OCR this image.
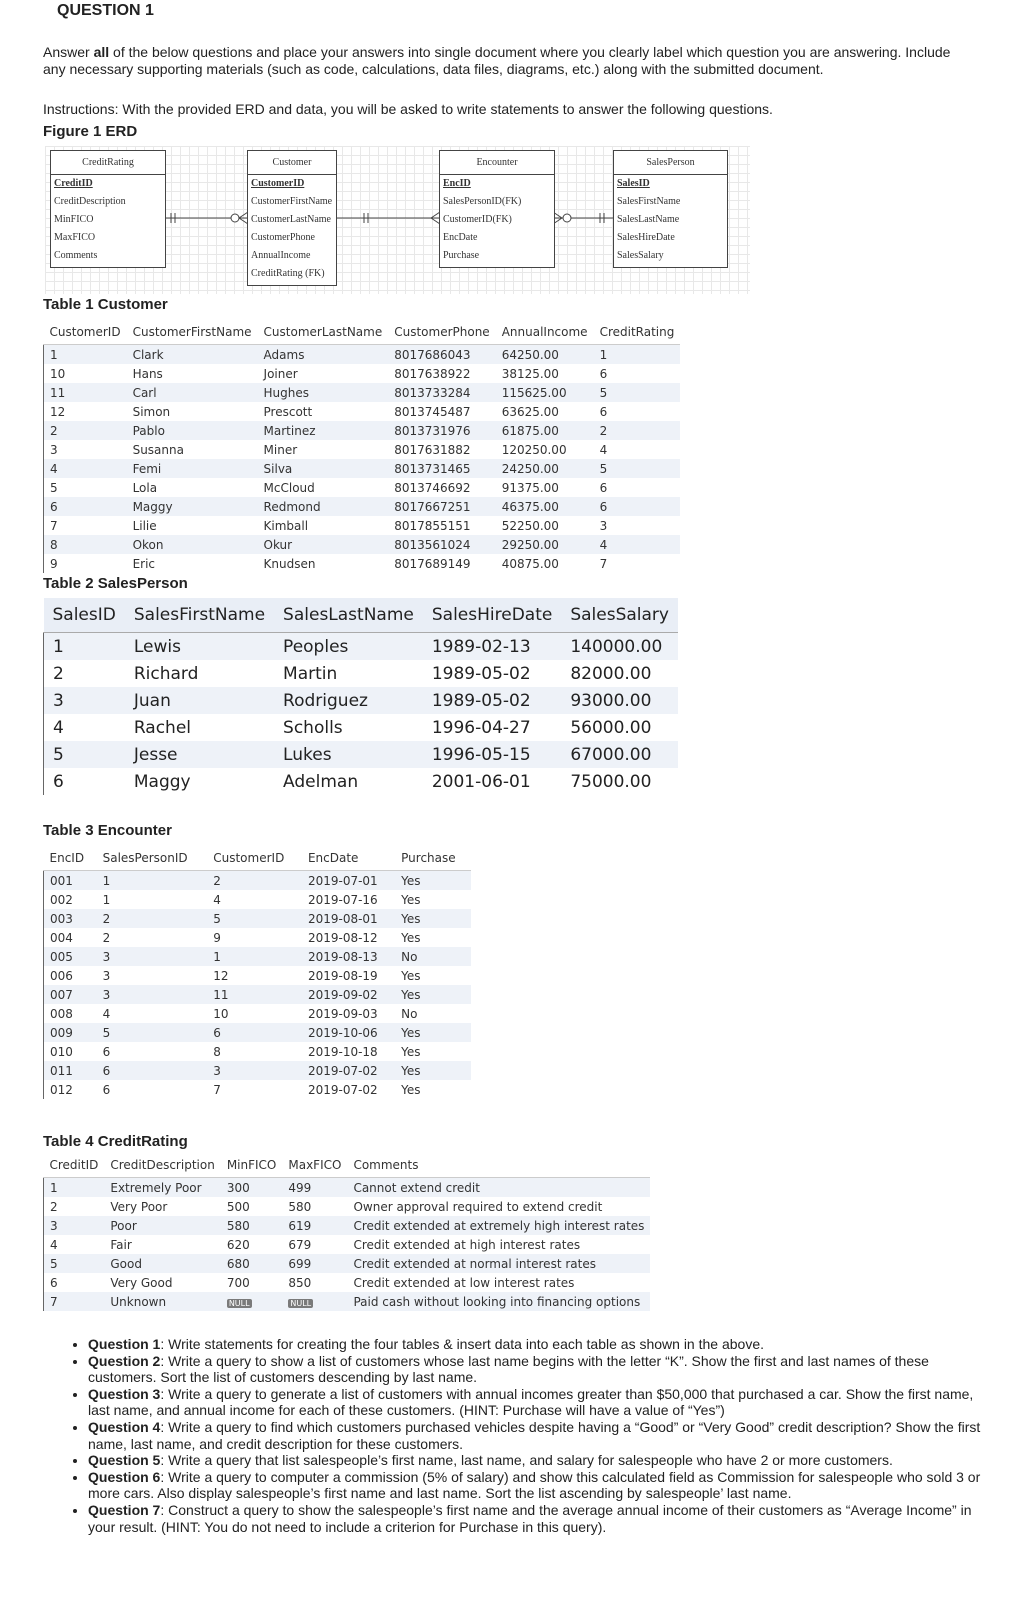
QUESTION 1
Answer all of the below questions and place your answers into single document where you clearly label which question you are answering. Include any necessary supporting materials (such as code, calculations, data files, diagrams, etc.) along with the submitted document.
Instructions: With the provided ERD and data, you will be asked to write statements to answer the following questions.
Figure 1 ERD
CreditRating
CreditID
CreditDescription
MinFICO
MaxFICO
Comments
Customer
CustomerID
CustomerFirstName
CustomerLastName
CustomerPhone
AnnualIncome
CreditRating (FK)
Encounter
EncID
SalesPersonID(FK)
CustomerID(FK)
EncDate
Purchase
SalesPerson
SalesID
SalesFirstName
SalesLastName
SalesHireDate
SalesSalary
Table 1 Customer
CustomerID	CustomerFirstName	CustomerLastName	CustomerPhone	AnnualIncome	CreditRating
1	Clark	Adams	8017686043	64250.00	1
10	Hans	Joiner	8017638922	38125.00	6
11	Carl	Hughes	8013733284	115625.00	5
12	Simon	Prescott	8013745487	63625.00	6
2	Pablo	Martinez	8013731976	61875.00	2
3	Susanna	Miner	8017631882	120250.00	4
4	Femi	Silva	8013731465	24250.00	5
5	Lola	McCloud	8013746692	91375.00	6
6	Maggy	Redmond	8017667251	46375.00	6
7	Lilie	Kimball	8017855151	52250.00	3
8	Okon	Okur	8013561024	29250.00	4
9	Eric	Knudsen	8017689149	40875.00	7
Table 2 SalesPerson
SalesID	SalesFirstName	SalesLastName	SalesHireDate	SalesSalary
1	Lewis	Peoples	1989-02-13	140000.00
2	Richard	Martin	1989-05-02	82000.00
3	Juan	Rodriguez	1989-05-02	93000.00
4	Rachel	Scholls	1996-04-27	56000.00
5	Jesse	Lukes	1996-05-15	67000.00
6	Maggy	Adelman	2001-06-01	75000.00
Table 3 Encounter
EncID	SalesPersonID	CustomerID	EncDate	Purchase
001	1	2	2019-07-01	Yes
002	1	4	2019-07-16	Yes
003	2	5	2019-08-01	Yes
004	2	9	2019-08-12	Yes
005	3	1	2019-08-13	No
006	3	12	2019-08-19	Yes
007	3	11	2019-09-02	Yes
008	4	10	2019-09-03	No
009	5	6	2019-10-06	Yes
010	6	8	2019-10-18	Yes
011	6	3	2019-07-02	Yes
012	6	7	2019-07-02	Yes
Table 4 CreditRating
CreditID	CreditDescription	MinFICO	MaxFICO	Comments
1	Extremely Poor	300	499	Cannot extend credit
2	Very Poor	500	580	Owner approval required to extend credit
3	Poor	580	619	Credit extended at extremely high interest rates
4	Fair	620	679	Credit extended at high interest rates
5	Good	680	699	Credit extended at normal interest rates
6	Very Good	700	850	Credit extended at low interest rates
7	Unknown	NULL	NULL	Paid cash without looking into financing options
• Question 1: Write statements for creating the four tables & insert data into each table as shown in the above.
• Question 2: Write a query to show a list of customers whose last name begins with the letter “K”. Show the first and last names of these customers. Sort the list of customers descending by last name.
• Question 3: Write a query to generate a list of customers with annual incomes greater than $50,000 that purchased a car. Show the first name, last name, and annual income for each of these customers. (HINT: Purchase will have a value of “Yes”)
• Question 4: Write a query to find which customers purchased vehicles despite having a “Good” or “Very Good” credit description? Show the first name, last name, and credit description for these customers.
• Question 5: Write a query that list salespeople’s first name, last name, and salary for salespeople who have 2 or more customers.
• Question 6: Write a query to computer a commission (5% of salary) and show this calculated field as Commission for salespeople who sold 3 or more cars. Also display salespeople’s first name and last name. Sort the list ascending by salespeople’ last name.
• Question 7: Construct a query to show the salespeople’s first name and the average annual income of their customers as “Average Income” in your result. (HINT: You do not need to include a criterion for Purchase in this query).
